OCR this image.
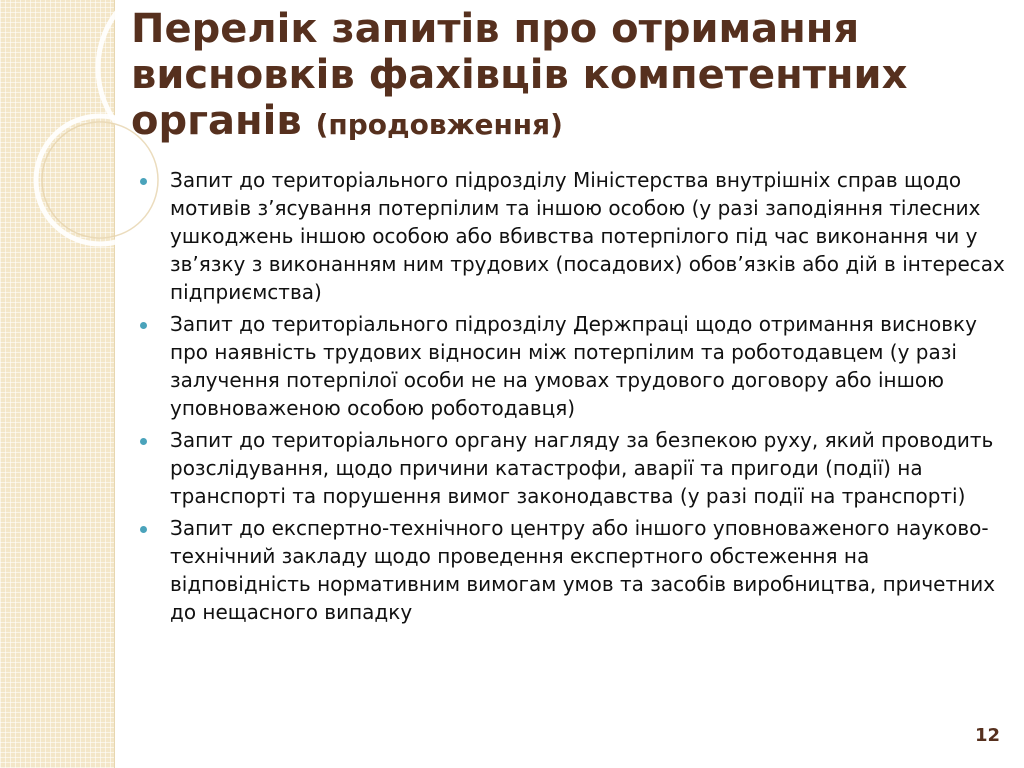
Перелік запитів про отримання висновків фахівців компетентних органів (продовження)
Запит до територіального підрозділу Міністерства внутрішніх справ щодо мотивів з’ясування потерпілим та іншою особою (у разі заподіяння тілесних ушкоджень іншою особою або вбивства потерпілого під час виконання чи у зв’язку з виконанням ним трудових (посадових) обов’язків або дій в інтересах підприємства)
Запит до територіального підрозділу Держпраці щодо отримання висновку про наявність трудових відносин між потерпілим та роботодавцем (у разі залучення потерпілої особи не на умовах трудового договору або іншою уповноваженою особою роботодавця)
Запит до територіального органу нагляду за безпекою руху, який проводить розслідування, щодо причини катастрофи, аварії та пригоди (події) на транспорті та порушення вимог законодавства (у разі події на транспорті)
Запит до експертно-технічного центру або іншого уповноваженого науково-технічний закладу щодо проведення експертного обстеження на відповідність нормативним вимогам умов та засобів виробництва, причетних до нещасного випадку
12
